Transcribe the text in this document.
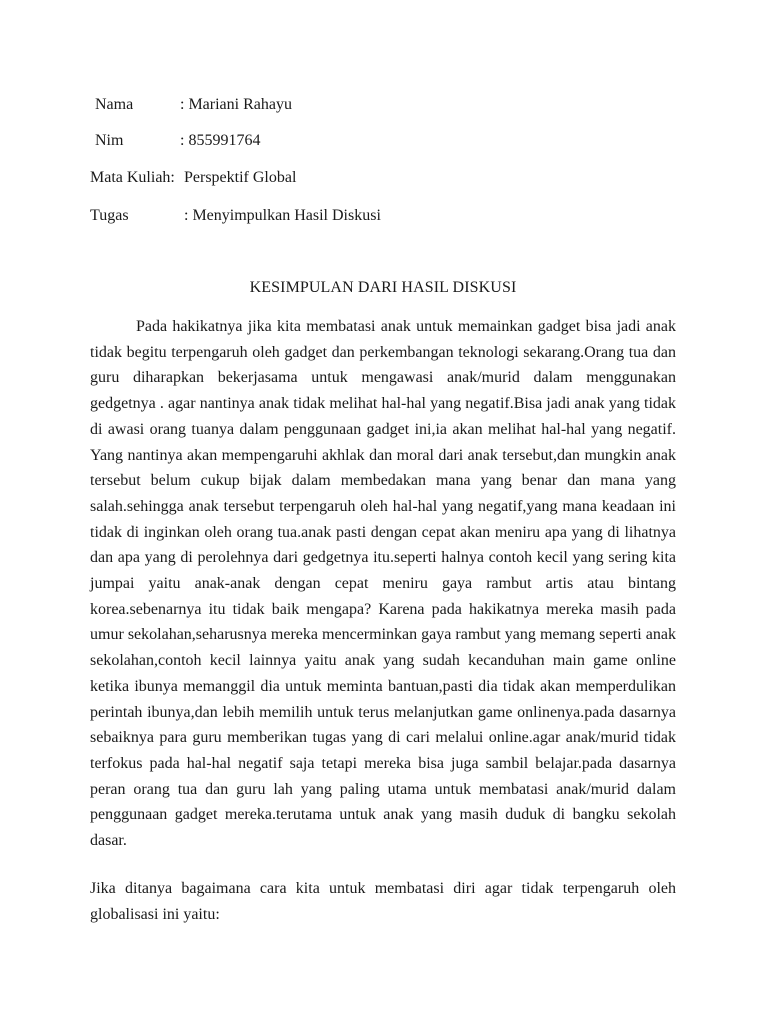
Nama	: Mariani Rahayu
Nim	: 855991764
Mata Kuliah: Perspektif Global
Tugas	: Menyimpulkan Hasil Diskusi
KESIMPULAN DARI HASIL DISKUSI

Pada hakikatnya jika kita membatasi anak untuk memainkan gadget bisa jadi anak tidak begitu terpengaruh oleh gadget dan perkembangan teknologi sekarang.Orang tua dan guru diharapkan bekerjasama untuk mengawasi anak/murid dalam menggunakan gedgetnya . agar nantinya anak tidak melihat hal-hal yang negatif.Bisa jadi anak yang tidak di awasi orang tuanya dalam penggunaan gadget ini,ia akan melihat hal-hal yang negatif. Yang nantinya akan mempengaruhi akhlak dan moral dari anak tersebut,dan mungkin anak tersebut belum cukup bijak dalam membedakan mana yang benar dan mana yang salah.sehingga anak tersebut terpengaruh oleh hal-hal yang negatif,yang mana keadaan ini tidak di inginkan oleh orang tua.anak pasti dengan cepat akan meniru apa yang di lihatnya dan apa yang di perolehnya dari gedgetnya itu.seperti halnya contoh kecil yang sering kita jumpai yaitu anak-anak dengan cepat meniru gaya rambut artis atau bintang korea.sebenarnya itu tidak baik mengapa? Karena pada hakikatnya mereka masih pada umur sekolahan,seharusnya mereka mencerminkan gaya rambut yang memang seperti anak sekolahan,contoh kecil lainnya yaitu anak yang sudah kecanduhan main game online ketika ibunya memanggil dia untuk meminta bantuan,pasti dia tidak akan memperdulikan perintah ibunya,dan lebih memilih untuk terus melanjutkan game onlinenya.pada dasarnya sebaiknya para guru memberikan tugas yang di cari melalui online.agar anak/murid tidak terfokus pada hal-hal negatif saja tetapi mereka bisa juga sambil belajar.pada dasarnya peran orang tua dan guru lah yang paling utama untuk membatasi anak/murid dalam penggunaan gadget mereka.terutama untuk anak yang masih duduk di bangku sekolah dasar.

Jika ditanya bagaimana cara kita untuk membatasi diri agar tidak terpengaruh oleh globalisasi ini yaitu:
